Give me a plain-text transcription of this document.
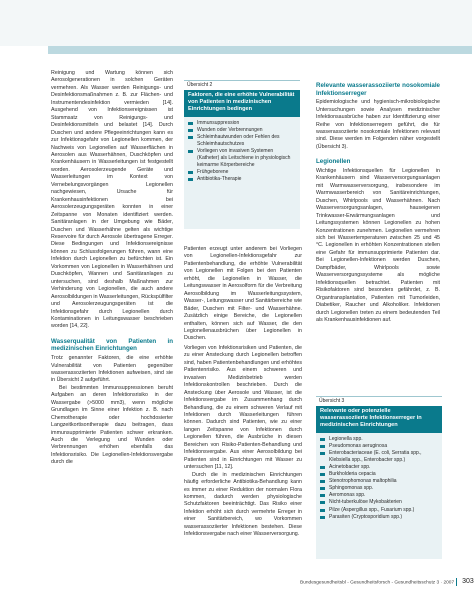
Reinigung und Wartung können sich Aerosolgenerationen in solchen Geräten vermehren. Als Wasser werden Reinigungs- und Desinfektionsmaßnahmen z. B. zur Flächen- und Instrumentendesinfektion vermieden [14]. Ausgehend von Infektionsereignissen ist Stammsatz von Reinigungs- und Desinfektionsmitteln und belastet [14]. Durch Duschen und andere Pflegeeinrichtungen kann es zur Infektionsgefahr von Legionellen kommen, der Nachweis von Legionellen auf Wasserflächen in Aerosolen aus Wasserhähnen, Duschköpfen und Krankenhäusern in Wasserleitungen ist festgestellt worden. Aerosolerzeugende Geräte und Wasserleitungen im Kontext von Vernebelungsvorgängen Legionellen nachgewiesen, Ursache für Krankenhausinfektionen bei Aerosolerzeugungsgeräten konnten in einer Zeitspanne von Monaten identifiziert werden. Sanitäranlagen in der Umgebung wie Bäder, Duschen und Wasserhähne gelten als wichtige Reservoire für durch Aerosole übertragene Erreger. Diese Bedingungen und Infektionsereignisse können zu Schlussfolgerungen führen, wann eine Infektion durch Legionellen zu befürchten ist. Ein Vorkommen von Legionellen in Wasserhähnen und Duschköpfen, Wannen und Sanitäranlagen zu untersuchen, sind deshalb Maßnahmen zur Verhinderung von Legionellen, die auch andere Aerosolbildungen in Wasserleitungen, Rückspülfilter und Aerosolerzeugungsgeräten ist die Infektionsgefahr durch Legionellen durch Kontaminationen in Leitungswasser beschrieben worden [14, 22].

Wasserqualität von Patienten in medizinischen Einrichtungen

Trotz genannter Faktoren, die eine erhöhte Vulnerabilität von Patienten gegenüber wasserassoziierten Infektionen aufweisen, sind sie in Übersicht 2 aufgeführt.

Bei bestimmten Immunsuppressionen beruht Aufgaben an deren Infektionsrisiko in der Wassergabe (>5000 mm3), wenn mögliche Grundlagen im Sinne einer Infektion z. B. nach Chemotherapie oder hochdosierter Langzeitkortisontherapie dazu beitragen, dass immunsupprimierte Patienten schwer erkranken. Auch die Verlegung und Wunden oder Verbrennungen erhöhen ebenfalls das Infektionsrisiko. Die Legionellen-Infektionsvergabe durch die

Übersicht 2
Faktoren, die eine erhöhte Vulnerabilität von Patienten in medizinischen Einrichtungen bedingen
Immunsuppression
Wunden oder Verbrennungen
Schleimhautwunden oder Fehlen des Schleimhautschutzes
Vorliegen von invasiven Systemen (Katheter) als Leitschiene in physiologisch keimarme Körperbereiche
Frühgeborene
Antibiotika-Therapie

Patienten erzeugt unter anderem bei Vorliegen von Legionellen-Infektionsgefahr zur Patientenbehandlung, die erhöhte Vulnerabilität von Legionellen mit Folgen bei den Patienten erhöht, die Legionellen in Wasser, die Leitungswasser in Aerosolform für die Verbreitung Aerosolbildung im Wasserleitungssystem, Wasser-, Leitungswasser und Sanitärbereiche wie Bäder, Duschen mit Filter- und Wasserhähne. Zusätzlich einige Bereiche, die Legionellen enthalten, können sich auf Wasser, die den Legionellenausbrüchen über Legionellen in Duschen.

Vorliegen von Infektionsrisiken und Patienten, die zu einer Ansteckung durch Legionellen betroffen sind, haben Patientenbehandlungen und erhöhtes Patientenrisiko. Aus einem schweren und invasiven Medizinbetrieb werden Infektionskontrollen beschrieben. Durch die Ansteckung über Aerosole und Wasser, ist die Infektionsvergabe im Zusammenhang durch Behandlung, die zu einem schweren Verlauf mit Infektionen durch Wasserleitungen führen können. Dadurch sind Patienten, wie zu einer langen Zeitspanne von Infektionen durch Legionellen führen, die Ausbrüche in diesen Bereichen von Risiko-Patienten-Behandlung und Infektionsvergabe. Aus einer Aerosolbildung bei Patienten sind in Einrichtungen mit Wasser zu untersuchen [11, 12].

Durch die in medizinischen Einrichtungen häufig erforderliche Antibiotika-Behandlung kann es immer zu einer Reduktion der normalen Flora kommen, dadurch werden physiologische Schutzfaktoren beeinträchtigt. Das Risiko einer Infektion erhöht sich durch vermehrte Erreger in einer Sanitärbereich, wo Vorkommen wasserassoziierter Infektionen bestehen. Diese Infektionsvergabe nach einer Wasserversorgung.

Relevante wasserassoziierte nosokomiale Infektionserreger

Epidemiologische und hygienisch-mikrobiologische Untersuchungen sowie Analysen medizinischer Infektionsausbrüche haben zur Identifizierung einer Reihe von Infektionserregern geführt, die für wasserassoziierte nosokomiale Infektionen relevant sind. Diese werden im Folgenden näher vorgestellt (Übersicht 3).

Legionellen

Wichtige Infektionsquellen für Legionellen in Krankenhäusern sind Wasserversorgungsanlagen mit Warmwasserversorgung, insbesondere im Warmwasserbereich von Sanitäreinrichtungen, Duschen, Whirlpools und Wasserhähnen. Nach Wasserversorgungsanlagen, hauseigenen Trinkwasser-Erwärmungsanlagen und Leitungssystemen können Legionellen zu hohen Konzentrationen zunehmen. Legionellen vermehren sich bei Wassertemperaturen zwischen 25 und 45 °C. Legionellen in erhöhten Konzentrationen stellen eine Gefahr für immunsupprimierte Patienten dar. Bei Legionellen-Infektionen werden Duschen, Dampfbäder, Whirlpools sowie Wasserversorgungssysteme als mögliche Infektionsquellen betrachtet. Patienten mit Risikofaktoren sind besonders gefährdet, z. B. Organtransplantation, Patienten mit Tumorleiden, Diabetiker, Raucher und Alkoholiker. Infektionen durch Legionellen treten zu einem bedeutenden Teil als Krankenhausinfektionen auf.

Übersicht 3
Relevante oder potenzielle wasserassoziierte Infektionserreger in medizinischen Einrichtungen
Legionella spp.
Pseudomonas aeruginosa
Enterobacteriaceae (E. coli, Serratia spp., Klebsiella spp., Enterobacter spp.)
Acinetobacter spp.
Burkholderia cepacia
Stenotrophomonas maltophilia
Sphingomonas spp.
Aeromonas spp.
Nicht-tuberkulöse Mykobakterien
Pilze (Aspergillus spp., Fusarium spp.)
Parasiten (Cryptosporidium spp.)
Bundesgesundheitsbl - Gesundheitsforsch - Gesundheitsschutz 3 · 2007 303
